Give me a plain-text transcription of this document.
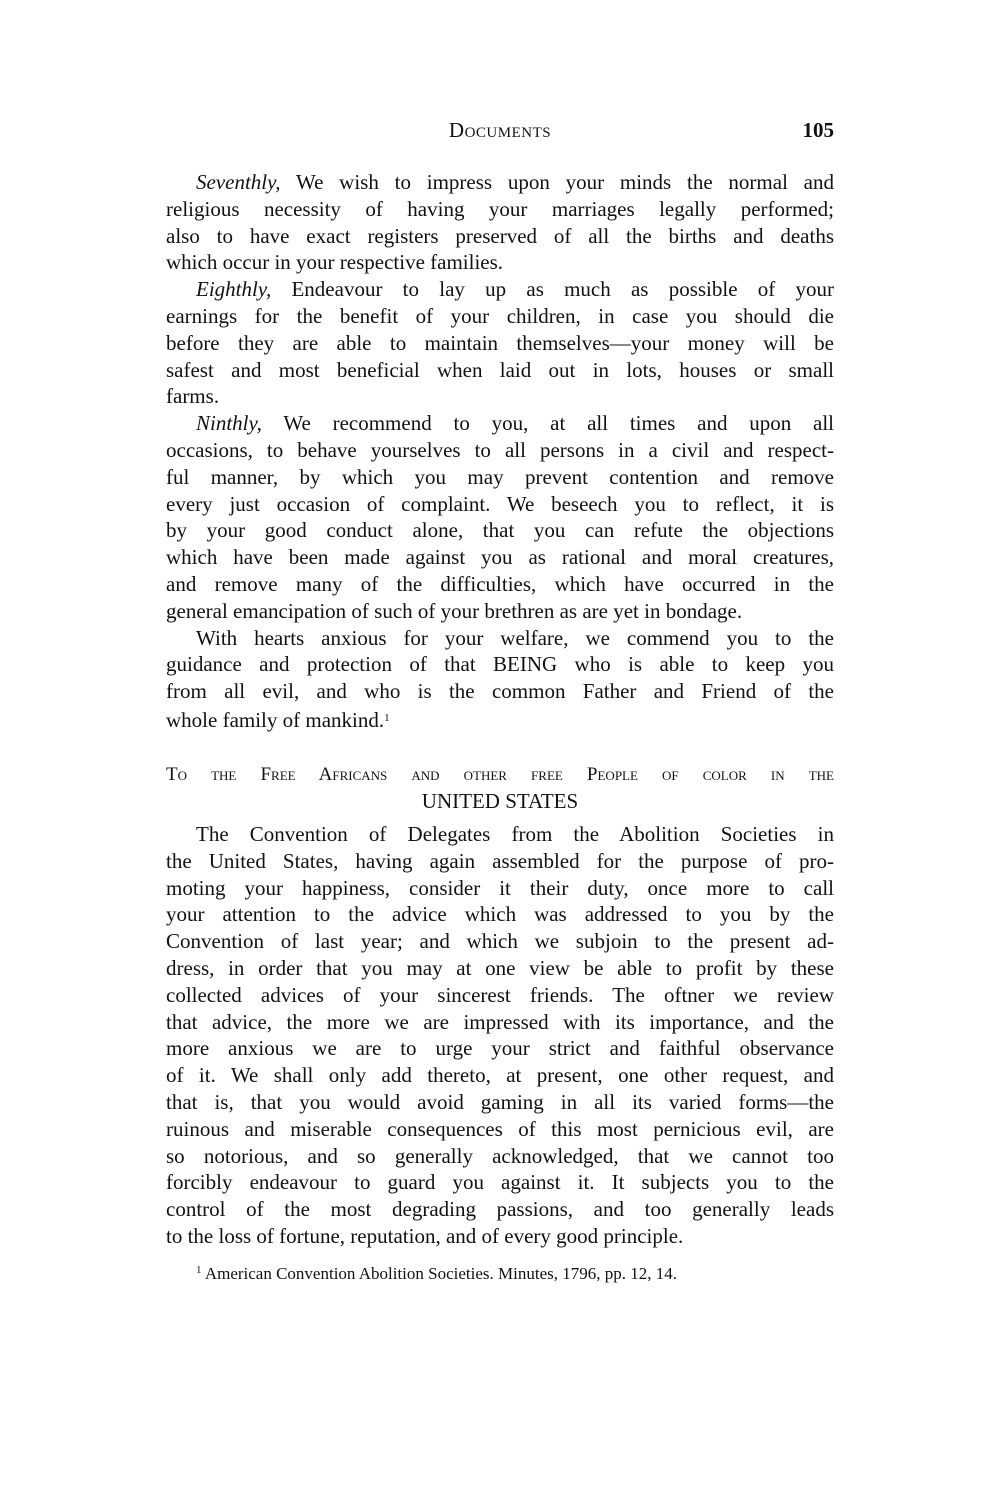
Documents	105
Seventhly, We wish to impress upon your minds the normal and
religious necessity of having your marriages legally performed;
also to have exact registers preserved of all the births and deaths
which occur in your respective families.
Eighthly, Endeavour to lay up as much as possible of your
earnings for the benefit of your children, in case you should die
before they are able to maintain themselves—your money will be
safest and most beneficial when laid out in lots, houses or small
farms.
Ninthly, We recommend to you, at all times and upon all
occasions, to behave yourselves to all persons in a civil and respect-
ful manner, by which you may prevent contention and remove
every just occasion of complaint. We beseech you to reflect, it is
by your good conduct alone, that you can refute the objections
which have been made against you as rational and moral creatures,
and remove many of the difficulties, which have occurred in the
general emancipation of such of your brethren as are yet in bondage.
With hearts anxious for your welfare, we commend you to the
guidance and protection of that BEING who is able to keep you
from all evil, and who is the common Father and Friend of the
whole family of mankind.$^1$
To the Free Africans and other free People of color in the
UNITED STATES
The Convention of Delegates from the Abolition Societies in
the United States, having again assembled for the purpose of pro-
moting your happiness, consider it their duty, once more to call
your attention to the advice which was addressed to you by the
Convention of last year; and which we subjoin to the present ad-
dress, in order that you may at one view be able to profit by these
collected advices of your sincerest friends. The oftner we review
that advice, the more we are impressed with its importance, and the
more anxious we are to urge your strict and faithful observance
of it. We shall only add thereto, at present, one other request, and
that is, that you would avoid gaming in all its varied forms—the
ruinous and miserable consequences of this most pernicious evil, are
so notorious, and so generally acknowledged, that we cannot too
forcibly endeavour to guard you against it. It subjects you to the
control of the most degrading passions, and too generally leads
to the loss of fortune, reputation, and of every good principle.
$^1$ American Convention Abolition Societies. Minutes, 1796, pp. 12, 14.
